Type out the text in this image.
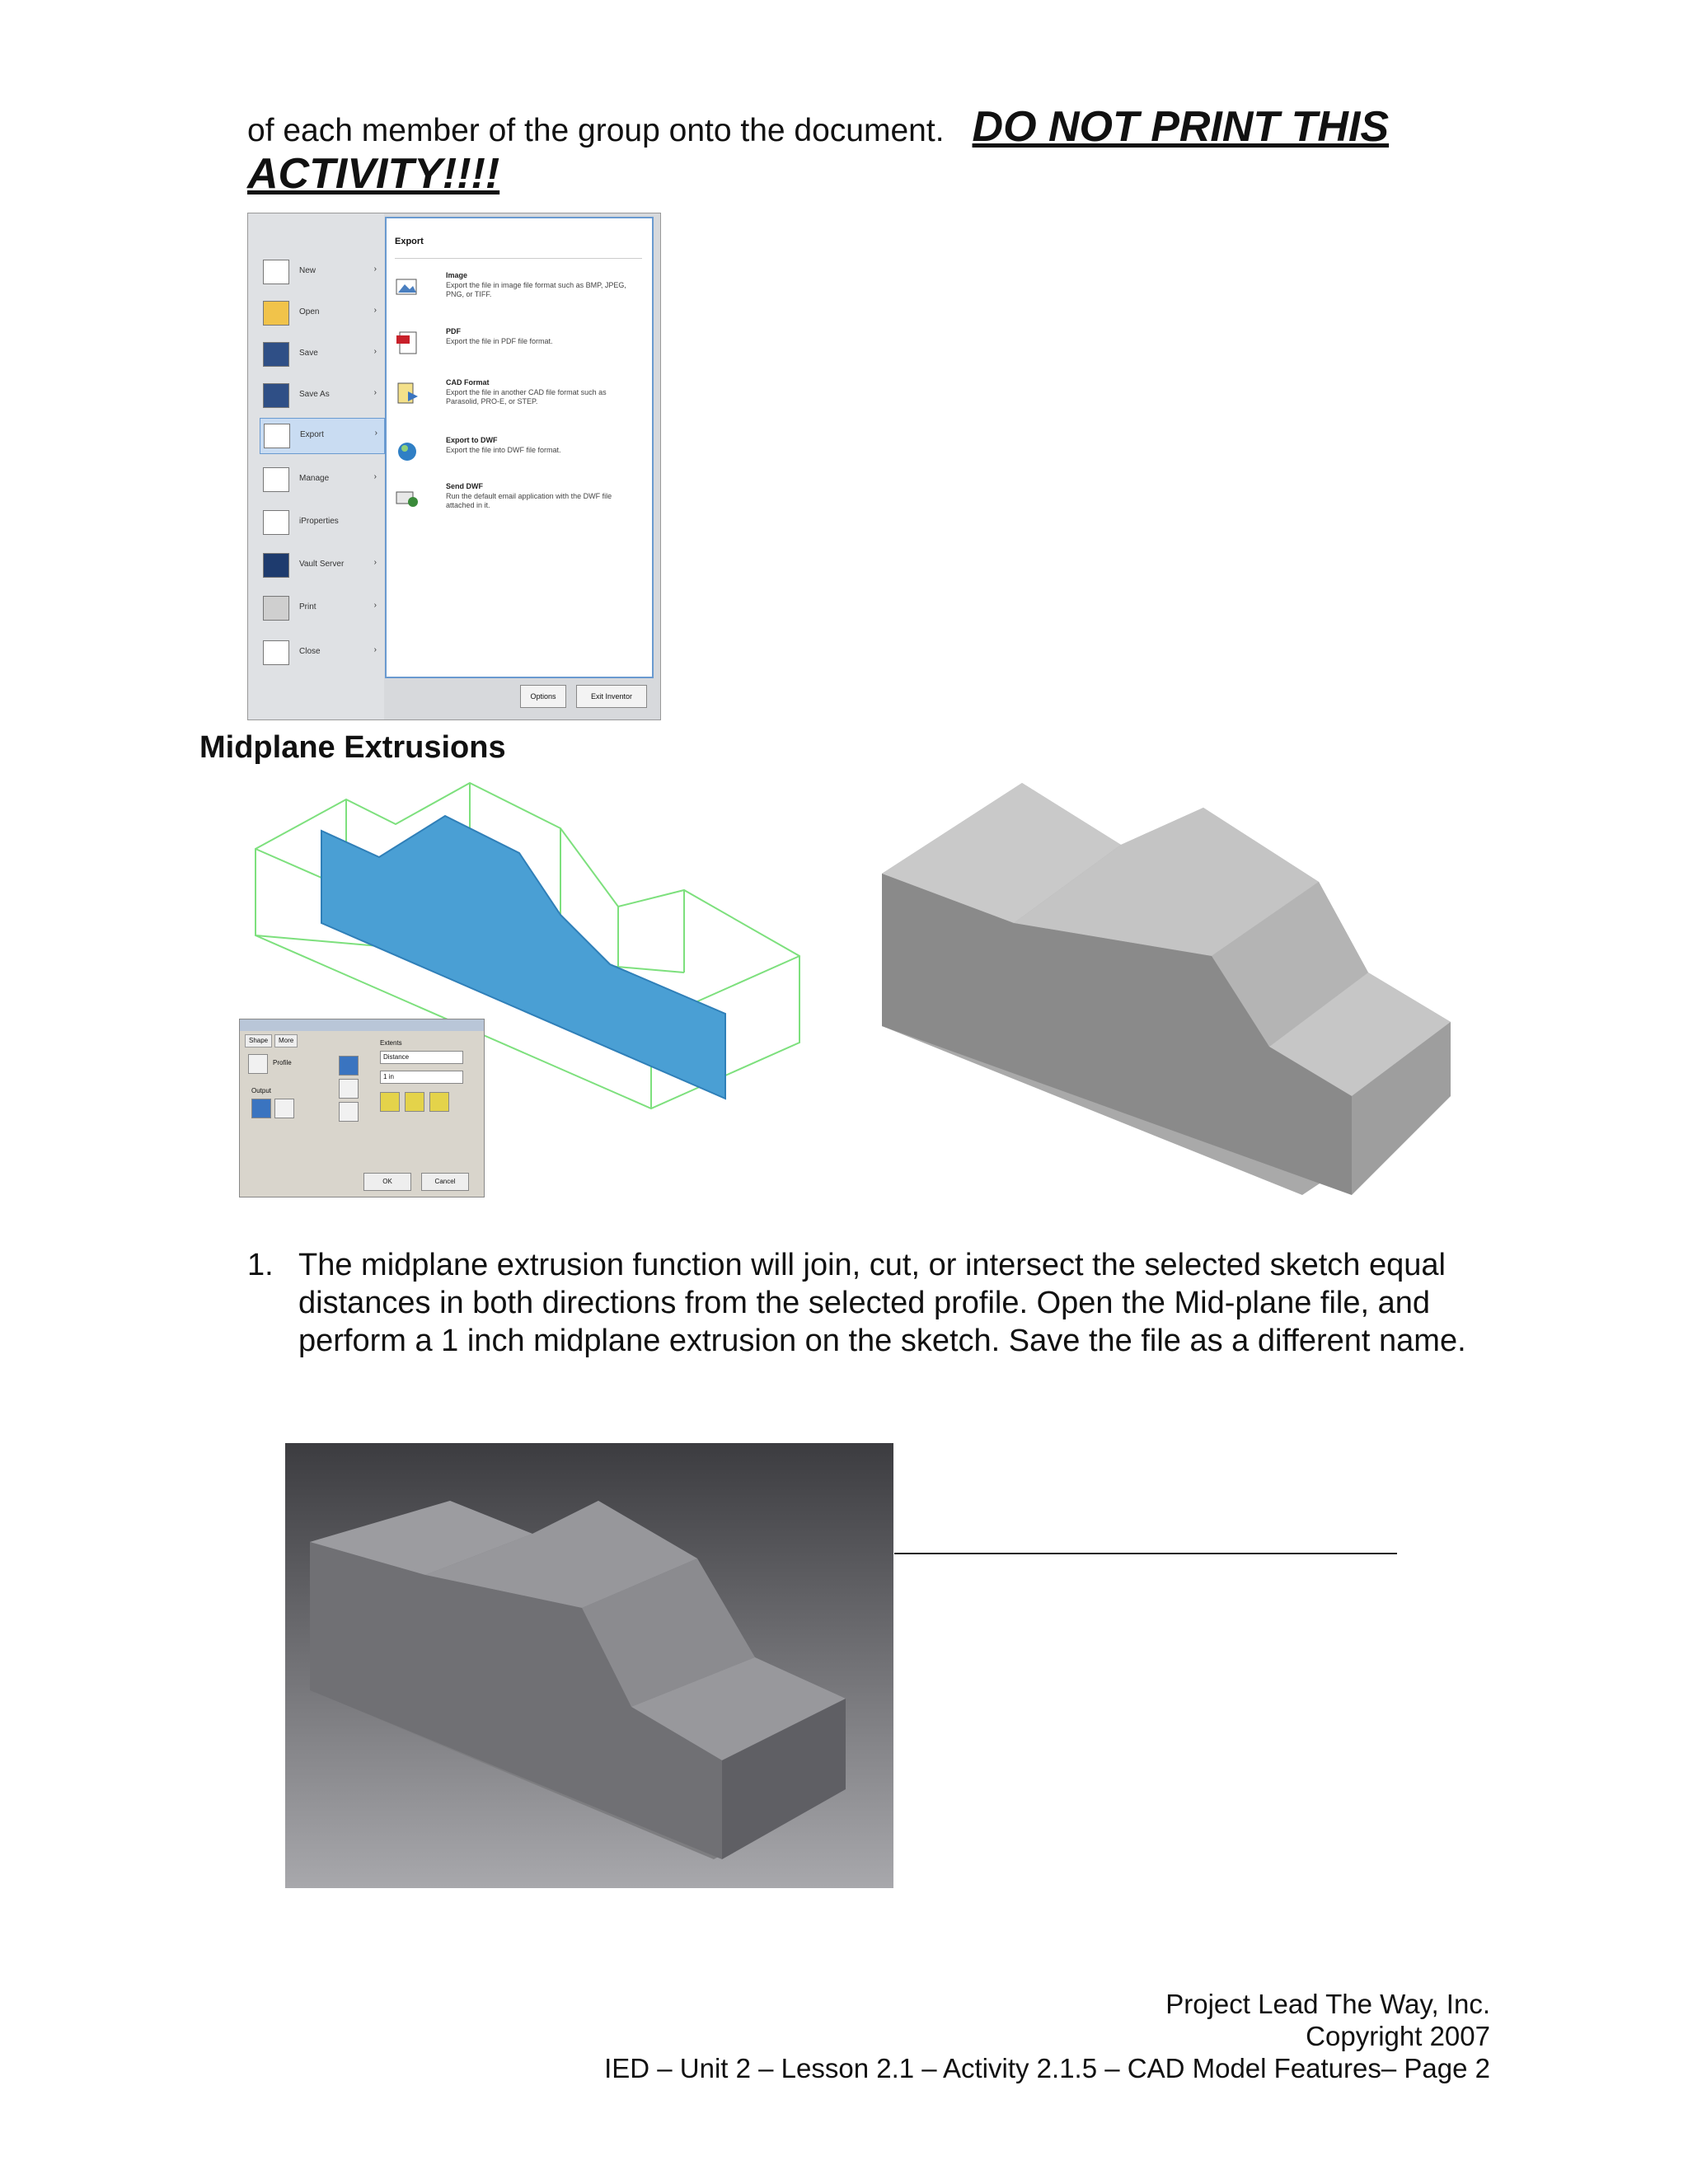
of each member of the group onto the document. DO NOT PRINT THIS
ACTIVITY!!!!
New	›
Open	›
Save	›
Save As	›
Export	›
Manage	›
iProperties
Vault Server	›
Print	›
Close	›
Export
Image
Export the file in image file format such as BMP, JPEG, PNG, or TIFF.
PDF
Export the file in PDF file format.
CAD Format
Export the file in another CAD file format such as Parasolid, PRO-E, or STEP.
Export to DWF
Export the file into DWF file format.
Send DWF
Run the default email application with the DWF file attached in it.
Options	Exit Inventor
Midplane Extrusions
Shape	More
Profile
Output
Extents
Distance
1 in
OK	Cancel
1. The midplane extrusion function will join, cut, or intersect the selected sketch equal distances in both directions from the selected profile. Open the Mid-plane file, and perform a 1 inch midplane extrusion on the sketch. Save the file as a different name.
Project Lead The Way, Inc.
Copyright 2007
IED – Unit 2 – Lesson 2.1 – Activity 2.1.5 – CAD Model Features– Page 2
